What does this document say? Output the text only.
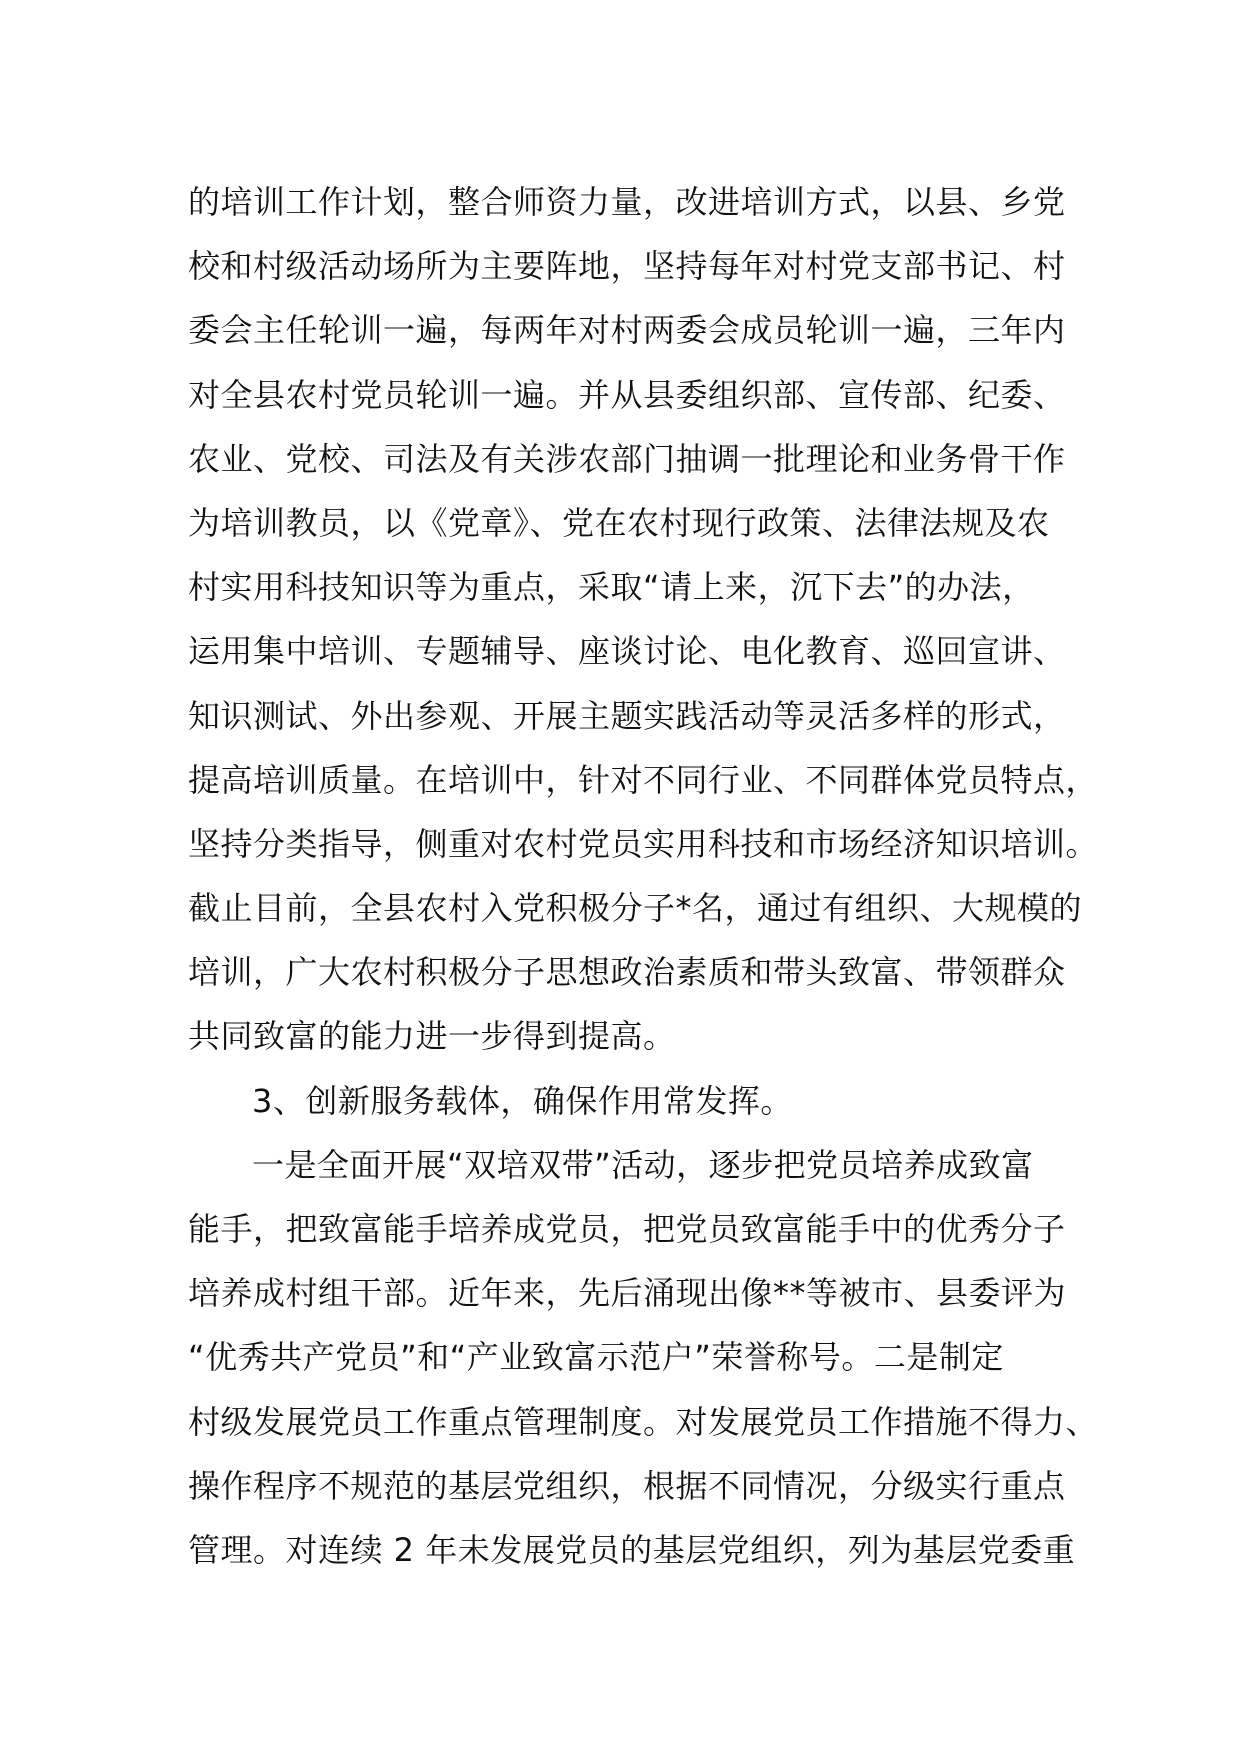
的培训工作计划，整合师资力量，改进培训方式，以县、乡党
校和村级活动场所为主要阵地，坚持每年对村党支部书记、村
委会主任轮训一遍，每两年对村两委会成员轮训一遍，三年内
对全县农村党员轮训一遍。并从县委组织部、宣传部、纪委、
农业、党校、司法及有关涉农部门抽调一批理论和业务骨干作
为培训教员，以《党章》、党在农村现行政策、法律法规及农
村实用科技知识等为重点，采取“请上来，沉下去”的办法，
运用集中培训、专题辅导、座谈讨论、电化教育、巡回宣讲、
知识测试、外出参观、开展主题实践活动等灵活多样的形式，
提高培训质量。在培训中，针对不同行业、不同群体党员特点，
坚持分类指导，侧重对农村党员实用科技和市场经济知识培训。
截止目前，全县农村入党积极分子*名，通过有组织、大规模的
培训，广大农村积极分子思想政治素质和带头致富、带领群众
共同致富的能力进一步得到提高。
3、创新服务载体，确保作用常发挥。
一是全面开展“双培双带”活动，逐步把党员培养成致富
能手，把致富能手培养成党员，把党员致富能手中的优秀分子
培养成村组干部。近年来，先后涌现出像**等被市、县委评为
“优秀共产党员”和“产业致富示范户”荣誉称号。二是制定
村级发展党员工作重点管理制度。对发展党员工作措施不得力、
操作程序不规范的基层党组织，根据不同情况，分级实行重点
管理。对连续 2 年未发展党员的基层党组织，列为基层党委重
